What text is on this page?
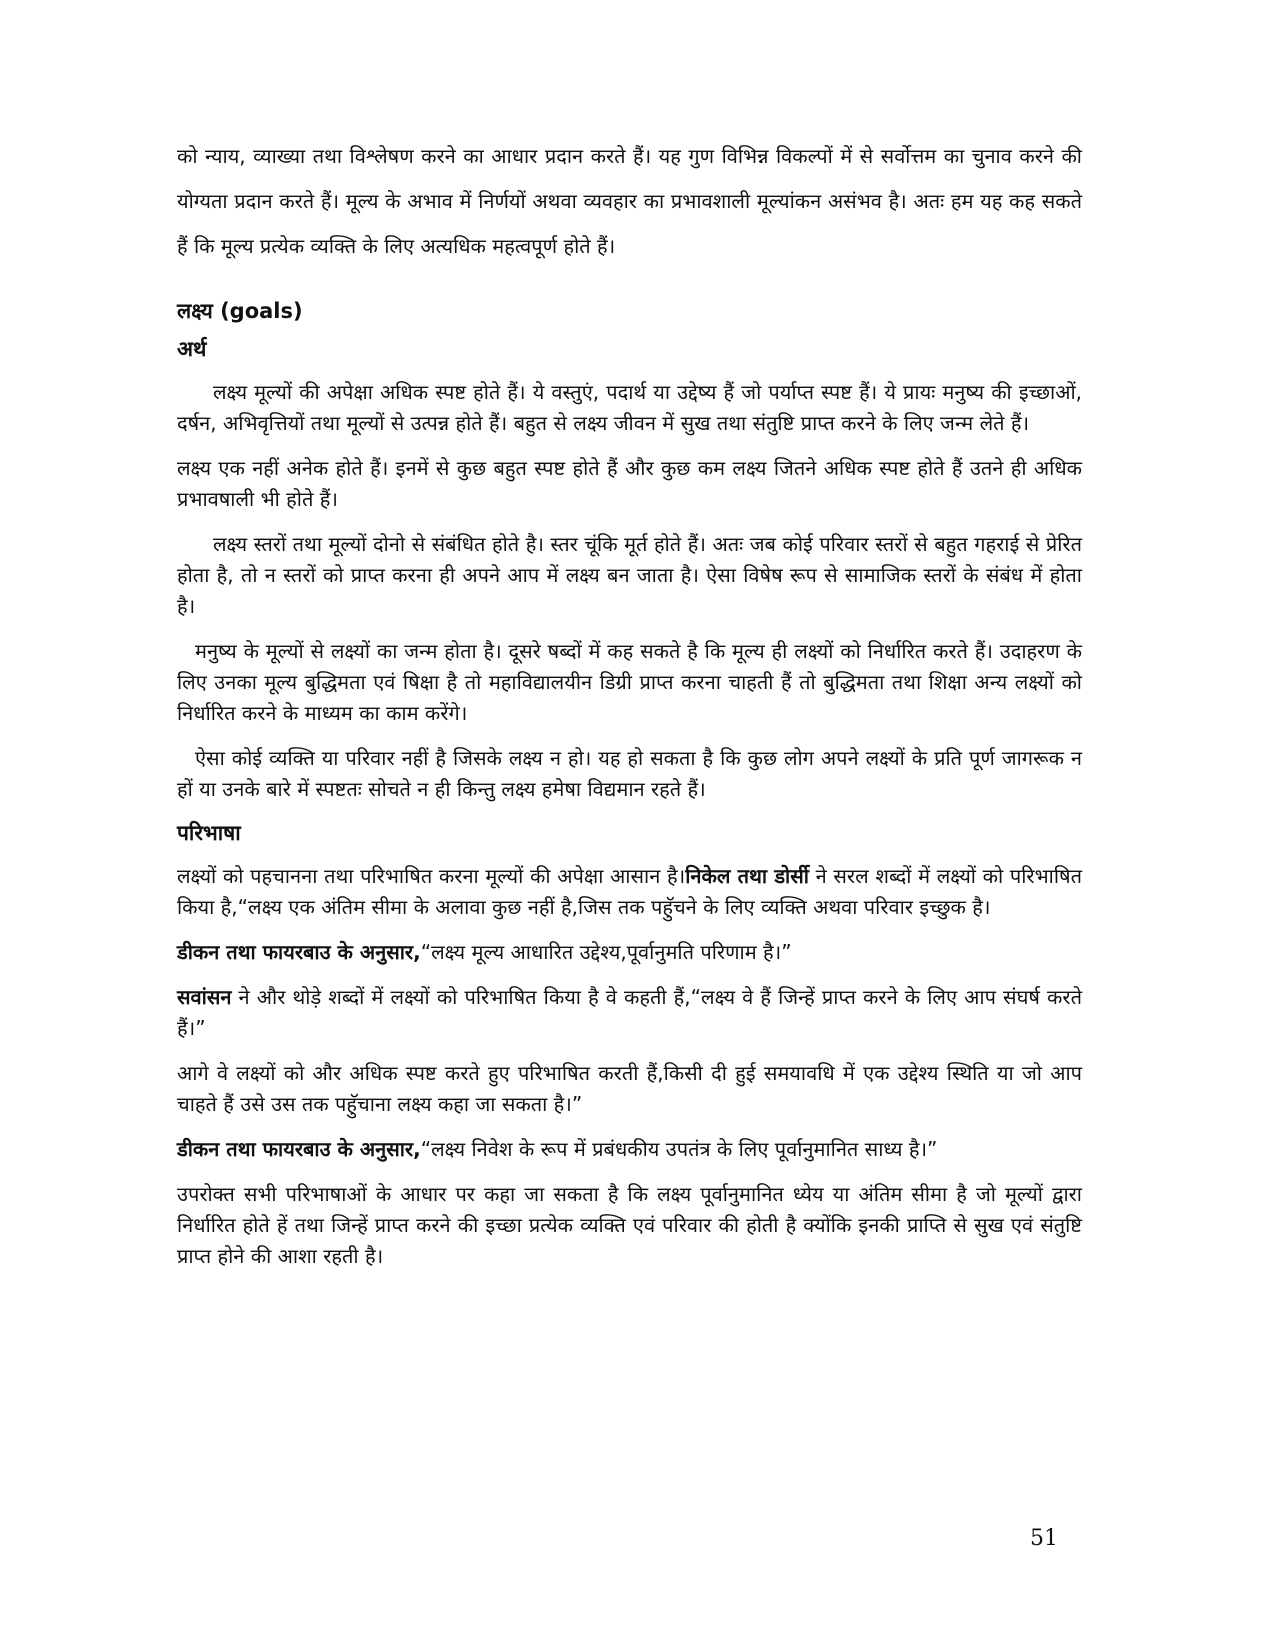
को न्याय, व्याख्या तथा विश्लेषण करने का आधार प्रदान करते हैं। यह गुण विभिन्न विकल्पों में से सर्वोत्तम का चुनाव करने की योग्यता प्रदान करते हैं। मूल्य के अभाव में निर्णयों अथवा व्यवहार का प्रभावशाली मूल्यांकन असंभव है। अतः हम यह कह सकते हैं कि मूल्य प्रत्येक व्यक्ति के लिए अत्यधिक महत्वपूर्ण होते हैं।

लक्ष्य (goals)
अर्थ

लक्ष्य मूल्यों की अपेक्षा अधिक स्पष्ट होते हैं। ये वस्तुएं, पदार्थ या उद्देष्य हैं जो पर्याप्त स्पष्ट हैं। ये प्रायः मनुष्य की इच्छाओं, दर्षन, अभिवृत्तियों तथा मूल्यों से उत्पन्न होते हैं। बहुत से लक्ष्य जीवन में सुख तथा संतुष्टि प्राप्त करने के लिए जन्म लेते हैं।

लक्ष्य एक नहीं अनेक होते हैं। इनमें से कुछ बहुत स्पष्ट होते हैं और कुछ कम लक्ष्य जितने अधिक स्पष्ट होते हैं उतने ही अधिक प्रभावषाली भी होते हैं।

लक्ष्य स्तरों तथा मूल्यों दोनो से संबंधित होते है। स्तर चूंकि मूर्त होते हैं। अतः जब कोई परिवार स्तरों से बहुत गहराई से प्रेरित होता है, तो न स्तरों को प्राप्त करना ही अपने आप में लक्ष्य बन जाता है। ऐसा विषेष रूप से सामाजिक स्तरों के संबंध में होता है।

मनुष्य के मूल्यों से लक्ष्यों का जन्म होता है। दूसरे षब्दों में कह सकते है कि मूल्य ही लक्ष्यों को निर्धारित करते हैं। उदाहरण के लिए उनका मूल्य बुद्धिमता एवं षिक्षा है तो महाविद्यालयीन डिग्री प्राप्त करना चाहती हैं तो बुद्धिमता तथा शिक्षा अन्य लक्ष्यों को निर्धारित करने के माध्यम का काम करेंगे।

ऐसा कोई व्यक्ति या परिवार नहीं है जिसके लक्ष्य न हो। यह हो सकता है कि कुछ लोग अपने लक्ष्यों के प्रति पूर्ण जागरूक न हों या उनके बारे में स्पष्टतः सोचते न ही किन्तु लक्ष्य हमेषा विद्यमान रहते हैं।

परिभाषा

लक्ष्यों को पहचानना तथा परिभाषित करना मूल्यों की अपेक्षा आसान है।निकेल तथा डोर्सी ने सरल शब्दों में लक्ष्यों को परिभाषित किया है,“लक्ष्य एक अंतिम सीमा के अलावा कुछ नहीं है,जिस तक पहॅुचने के लिए व्यक्ति अथवा परिवार इच्छुक है।

डीकन तथा फायरबाउ के अनुसार,“लक्ष्य मूल्य आधारित उद्देश्य,पूर्वानुमति परिणाम है।”

सवांसन ने और थोड़े शब्दों में लक्ष्यों को परिभाषित किया है वे कहती हैं,“लक्ष्य वे हैं जिन्हें प्राप्त करने के लिए आप संघर्ष करते हैं।”

आगे वे लक्ष्यों को और अधिक स्पष्ट करते हुए परिभाषित करती हैं,किसी दी हुई समयावधि में एक उद्देश्य स्थिति या जो आप चाहते हैं उसे उस तक पहॅुचाना लक्ष्य कहा जा सकता है।”

डीकन तथा फायरबाउ के अनुसार,“लक्ष्य निवेश के रूप में प्रबंधकीय उपतंत्र के लिए पूर्वानुमानित साध्य है।”

उपरोक्त सभी परिभाषाओं के आधार पर कहा जा सकता है कि लक्ष्य पूर्वानुमानित ध्येय या अंतिम सीमा है जो मूल्यों द्वारा निर्धारित होते हें तथा जिन्हें प्राप्त करने की इच्छा प्रत्येक व्यक्ति एवं परिवार की होती है क्योंकि इनकी प्राप्ति से सुख एवं संतुष्टि प्राप्त होने की आशा रहती है।

51
